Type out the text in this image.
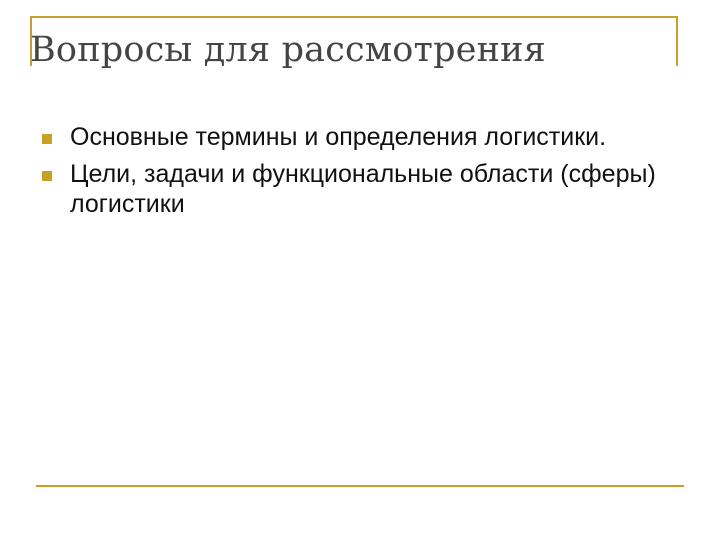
Вопросы для рассмотрения
Основные термины и определения логистики.
Цели, задачи и функциональные области (сферы) логистики
